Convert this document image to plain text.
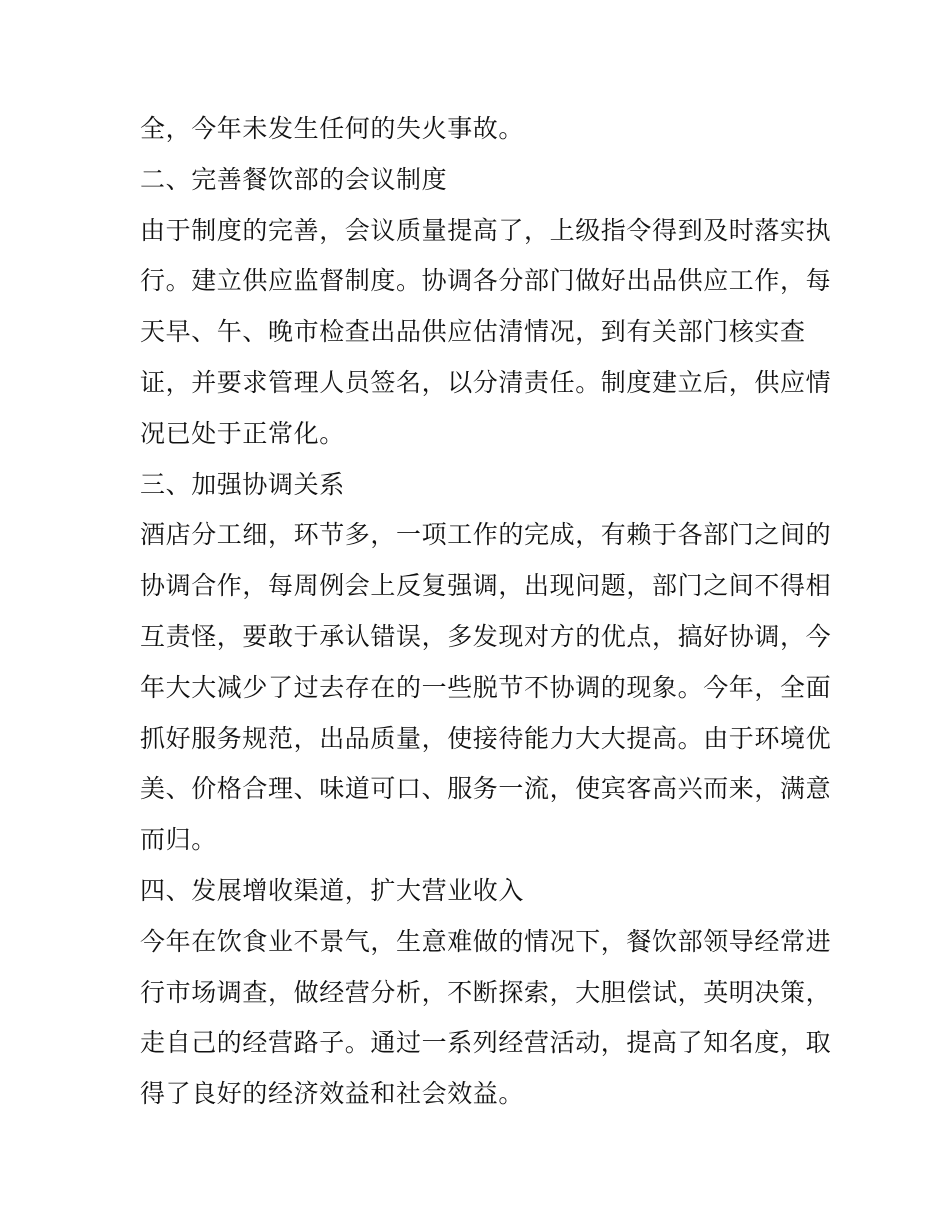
全，今年未发生任何的失火事故。
二、完善餐饮部的会议制度
由于制度的完善，会议质量提高了，上级指令得到及时落实执
行。建立供应监督制度。协调各分部门做好出品供应工作，每
天早、午、晚市检查出品供应估清情况，到有关部门核实查
证，并要求管理人员签名，以分清责任。制度建立后，供应情
况已处于正常化。
三、加强协调关系
酒店分工细，环节多，一项工作的完成，有赖于各部门之间的
协调合作，每周例会上反复强调，出现问题，部门之间不得相
互责怪，要敢于承认错误，多发现对方的优点，搞好协调，今
年大大减少了过去存在的一些脱节不协调的现象。今年，全面
抓好服务规范，出品质量，使接待能力大大提高。由于环境优
美、价格合理、味道可口、服务一流，使宾客高兴而来，满意
而归。
四、发展增收渠道，扩大营业收入
今年在饮食业不景气，生意难做的情况下，餐饮部领导经常进
行市场调查，做经营分析，不断探索，大胆偿试，英明决策，
走自己的经营路子。通过一系列经营活动，提高了知名度，取
得了良好的经济效益和社会效益。
